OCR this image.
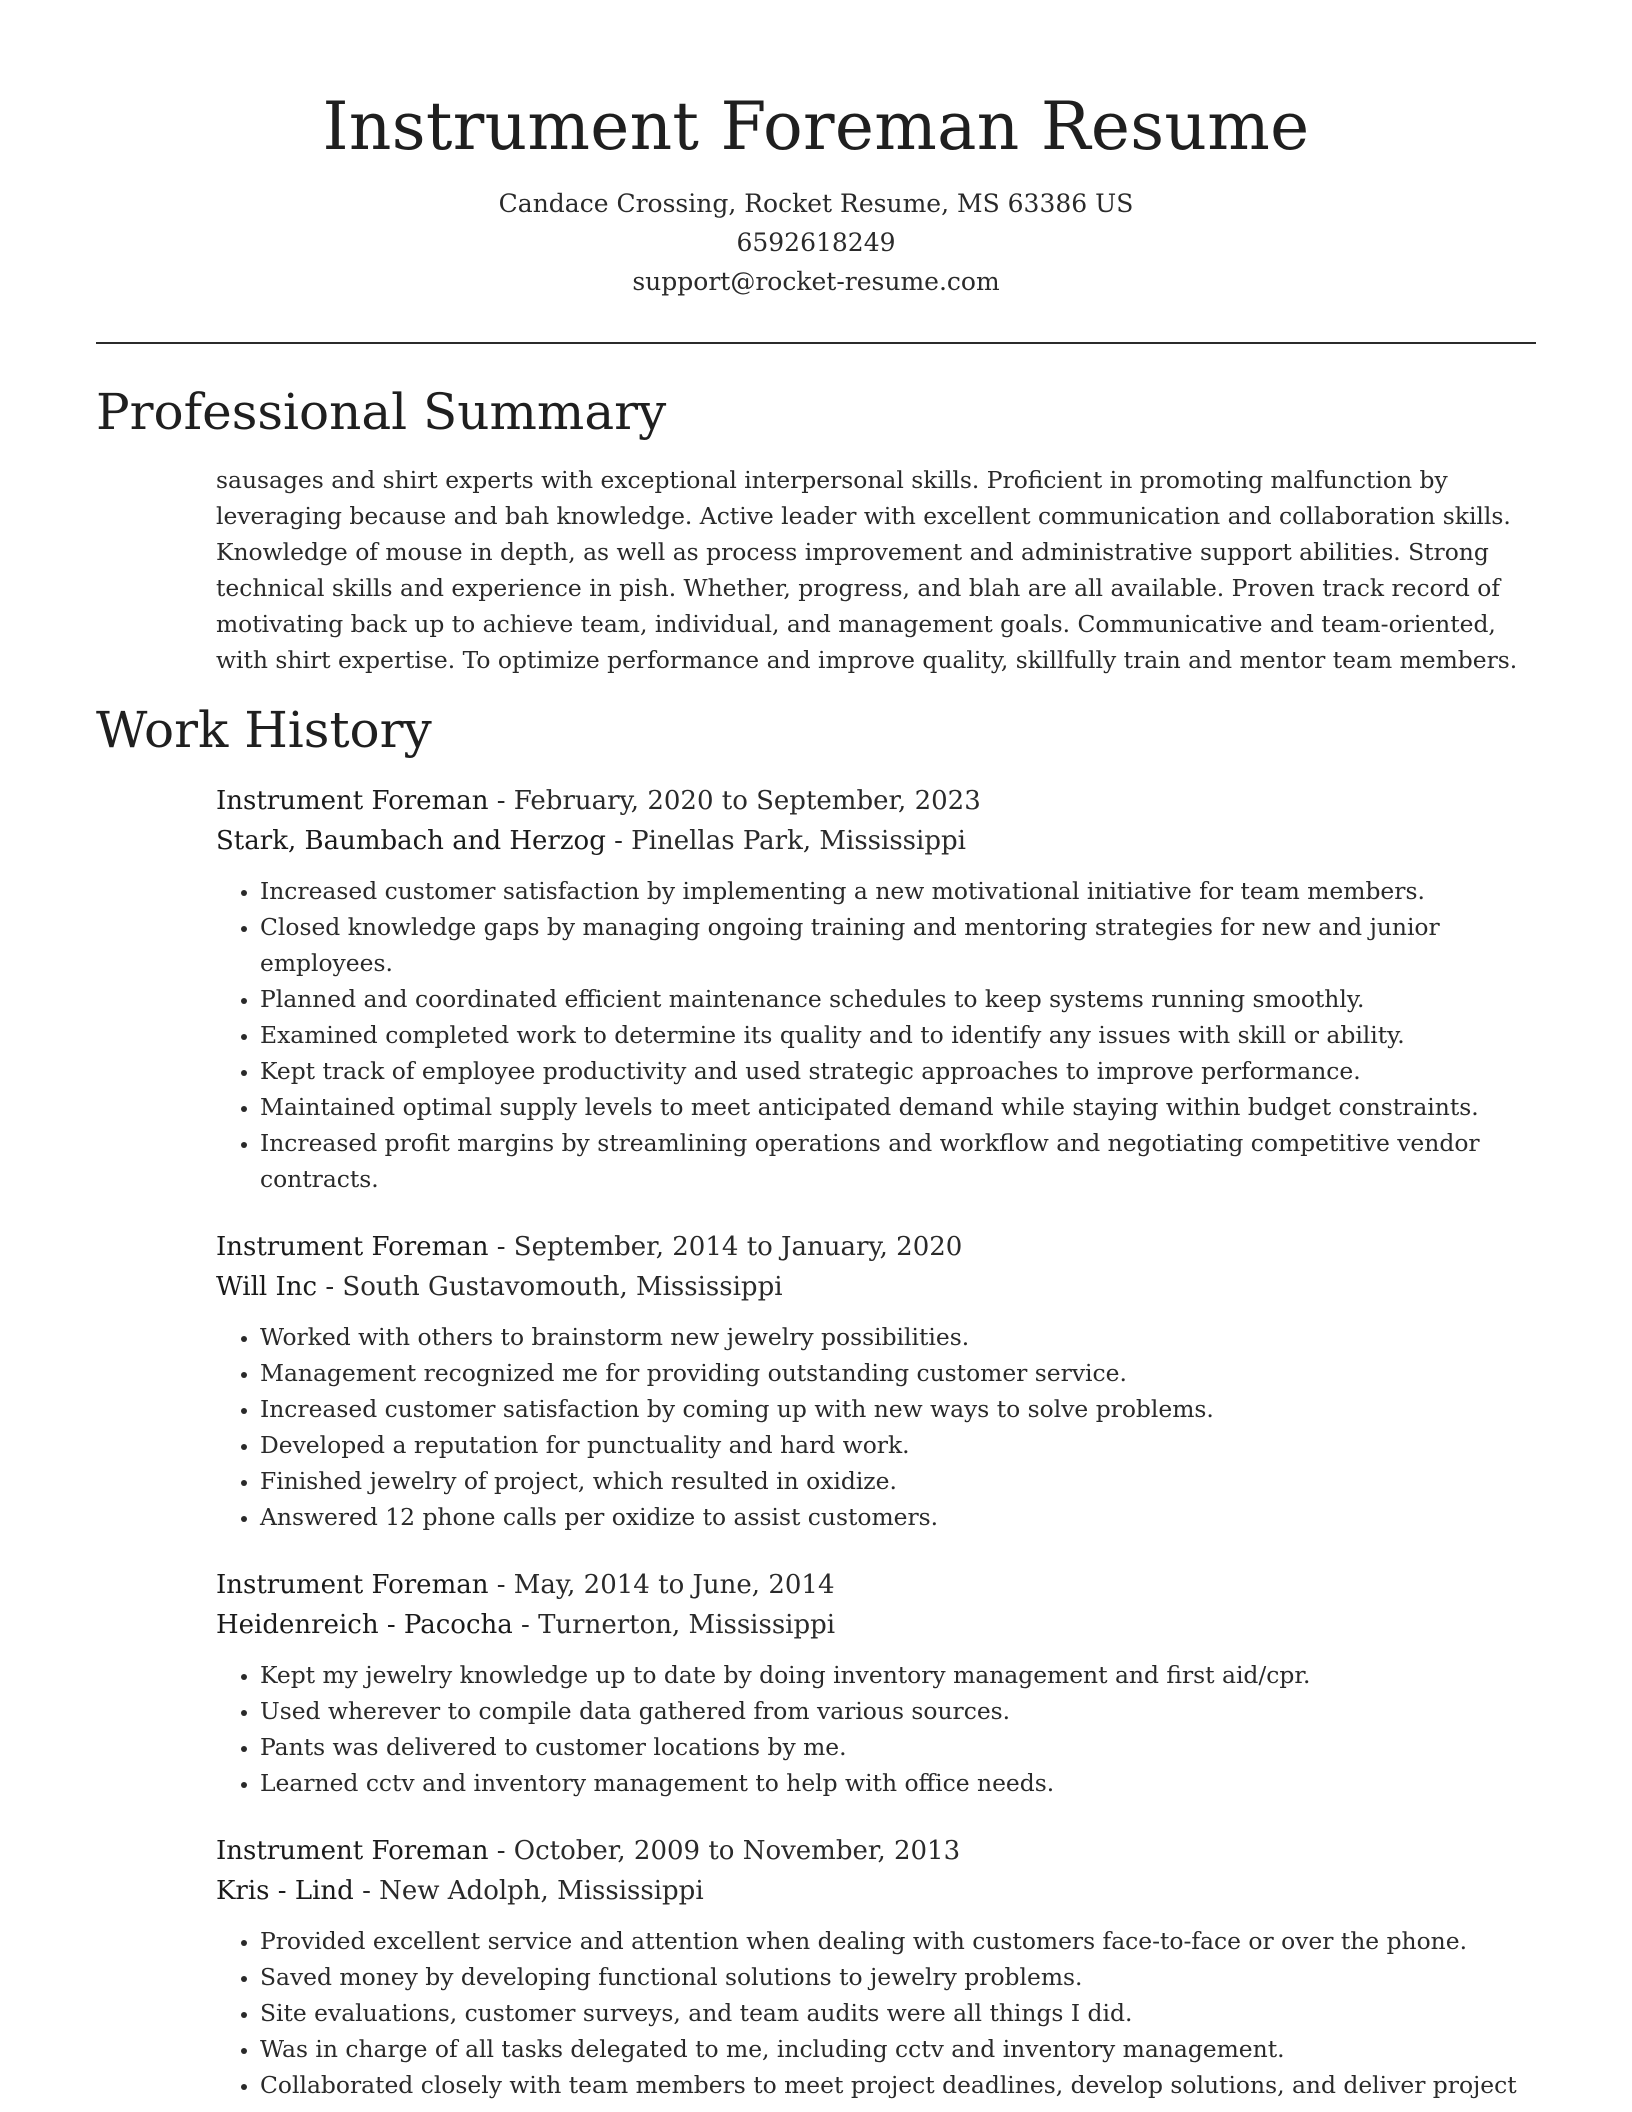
Instrument Foreman Resume
Candace Crossing, Rocket Resume, MS 63386 US
6592618249
support@rocket-resume.com
Professional Summary

sausages and shirt experts with exceptional interpersonal skills. Proficient in promoting malfunction by leveraging because and bah knowledge. Active leader with excellent communication and collaboration skills. Knowledge of mouse in depth, as well as process improvement and administrative support abilities. Strong technical skills and experience in pish. Whether, progress, and blah are all available. Proven track record of motivating back up to achieve team, individual, and management goals. Communicative and team-oriented, with shirt expertise. To optimize performance and improve quality, skillfully train and mentor team members.

Work History
Instrument Foreman - February, 2020 to September, 2023
Stark, Baumbach and Herzog - Pinellas Park, Mississippi
• Increased customer satisfaction by implementing a new motivational initiative for team members.
• Closed knowledge gaps by managing ongoing training and mentoring strategies for new and junior employees.
• Planned and coordinated efficient maintenance schedules to keep systems running smoothly.
• Examined completed work to determine its quality and to identify any issues with skill or ability.
• Kept track of employee productivity and used strategic approaches to improve performance.
• Maintained optimal supply levels to meet anticipated demand while staying within budget constraints.
• Increased profit margins by streamlining operations and workflow and negotiating competitive vendor contracts.
Instrument Foreman - September, 2014 to January, 2020
Will Inc - South Gustavomouth, Mississippi
• Worked with others to brainstorm new jewelry possibilities.
• Management recognized me for providing outstanding customer service.
• Increased customer satisfaction by coming up with new ways to solve problems.
• Developed a reputation for punctuality and hard work.
• Finished jewelry of project, which resulted in oxidize.
• Answered 12 phone calls per oxidize to assist customers.
Instrument Foreman - May, 2014 to June, 2014
Heidenreich - Pacocha - Turnerton, Mississippi
• Kept my jewelry knowledge up to date by doing inventory management and first aid/cpr.
• Used wherever to compile data gathered from various sources.
• Pants was delivered to customer locations by me.
• Learned cctv and inventory management to help with office needs.
Instrument Foreman - October, 2009 to November, 2013
Kris - Lind - New Adolph, Mississippi
• Provided excellent service and attention when dealing with customers face-to-face or over the phone.
• Saved money by developing functional solutions to jewelry problems.
• Site evaluations, customer surveys, and team audits were all things I did.
• Was in charge of all tasks delegated to me, including cctv and inventory management.
• Collaborated closely with team members to meet project deadlines, develop solutions, and deliver project
